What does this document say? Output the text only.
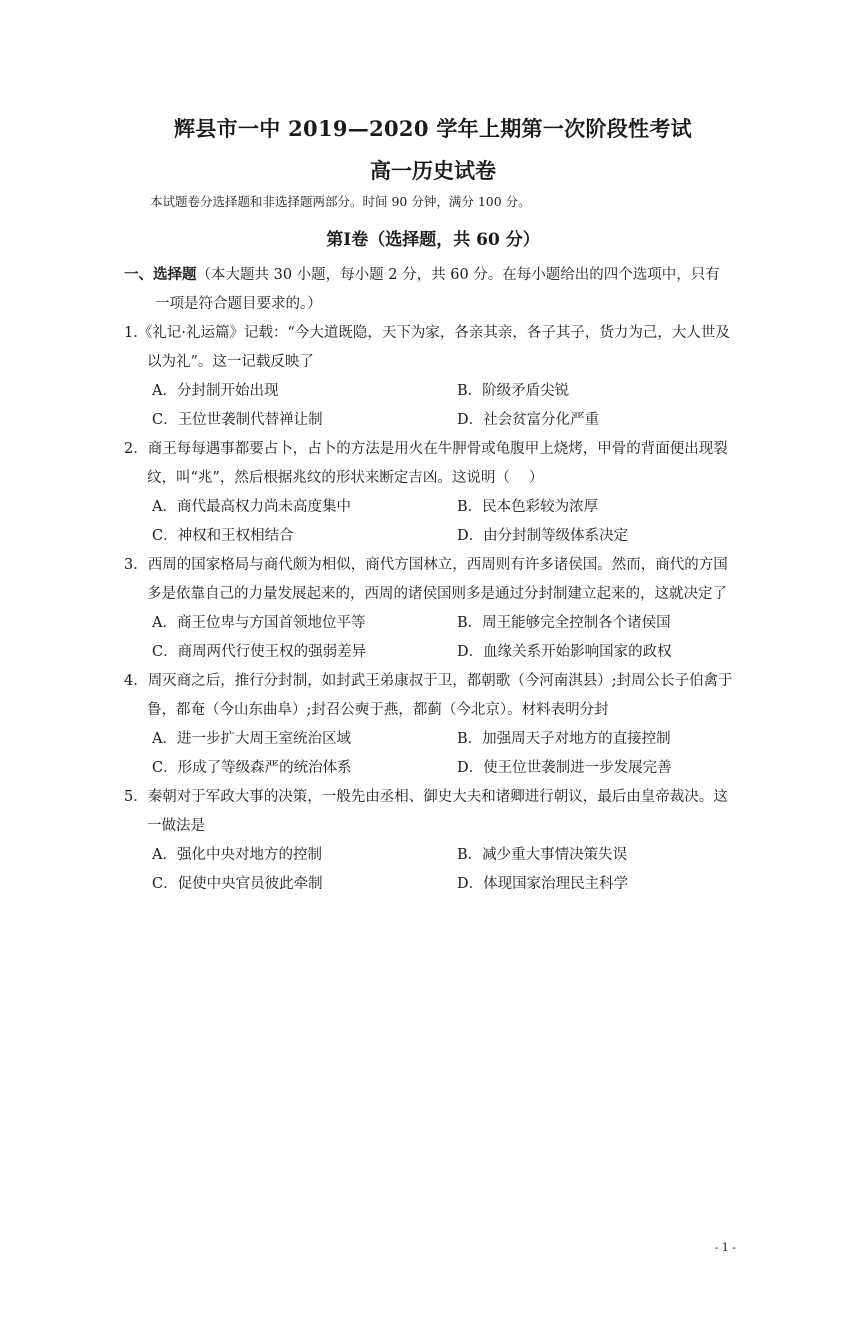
辉县市一中 2019—2020 学年上期第一次阶段性考试
高一历史试卷
本试题卷分选择题和非选择题两部分。时间 90 分钟，满分 100 分。
第Ⅰ卷（选择题，共 60 分）
一、选择题（本大题共 30 小题，每小题 2 分，共 60 分。在每小题给出的四个选项中，只有
一项是符合题目要求的。）
1.《礼记·礼运篇》记载：“今大道既隐，天下为家，各亲其亲，各子其子，货力为己，大人世及以为礼”。这一记载反映了
A．分封制开始出现	B．阶级矛盾尖锐
C．王位世袭制代替禅让制	D．社会贫富分化严重
2．商王每每遇事都要占卜，占卜的方法是用火在牛胛骨或龟腹甲上烧烤，甲骨的背面便出现裂纹，叫“兆”，然后根据兆纹的形状来断定吉凶。这说明（　 ）
A．商代最高权力尚未高度集中	B．民本色彩较为浓厚
C．神权和王权相结合	D．由分封制等级体系决定
3．西周的国家格局与商代颇为相似，商代方国林立，西周则有许多诸侯国。然而，商代的方国多是依靠自己的力量发展起来的，西周的诸侯国则多是通过分封制建立起来的，这就决定了
A．商王位卑与方国首领地位平等	B．周王能够完全控制各个诸侯国
C．商周两代行使王权的强弱差异	D．血缘关系开始影响国家的政权
4．周灭商之后，推行分封制，如封武王弟康叔于卫，都朝歌（今河南淇县）;封周公长子伯禽于鲁，都奄（今山东曲阜）;封召公奭于燕，都蓟（今北京）。材料表明分封
A．进一步扩大周王室统治区域	B．加强周天子对地方的直接控制
C．形成了等级森严的统治体系	D．使王位世袭制进一步发展完善
5．秦朝对于军政大事的决策，一般先由丞相、御史大夫和诸卿进行朝议，最后由皇帝裁决。这一做法是
A．强化中央对地方的控制	B．减少重大事情决策失误
C．促使中央官员彼此牵制	D．体现国家治理民主科学
- 1 -
